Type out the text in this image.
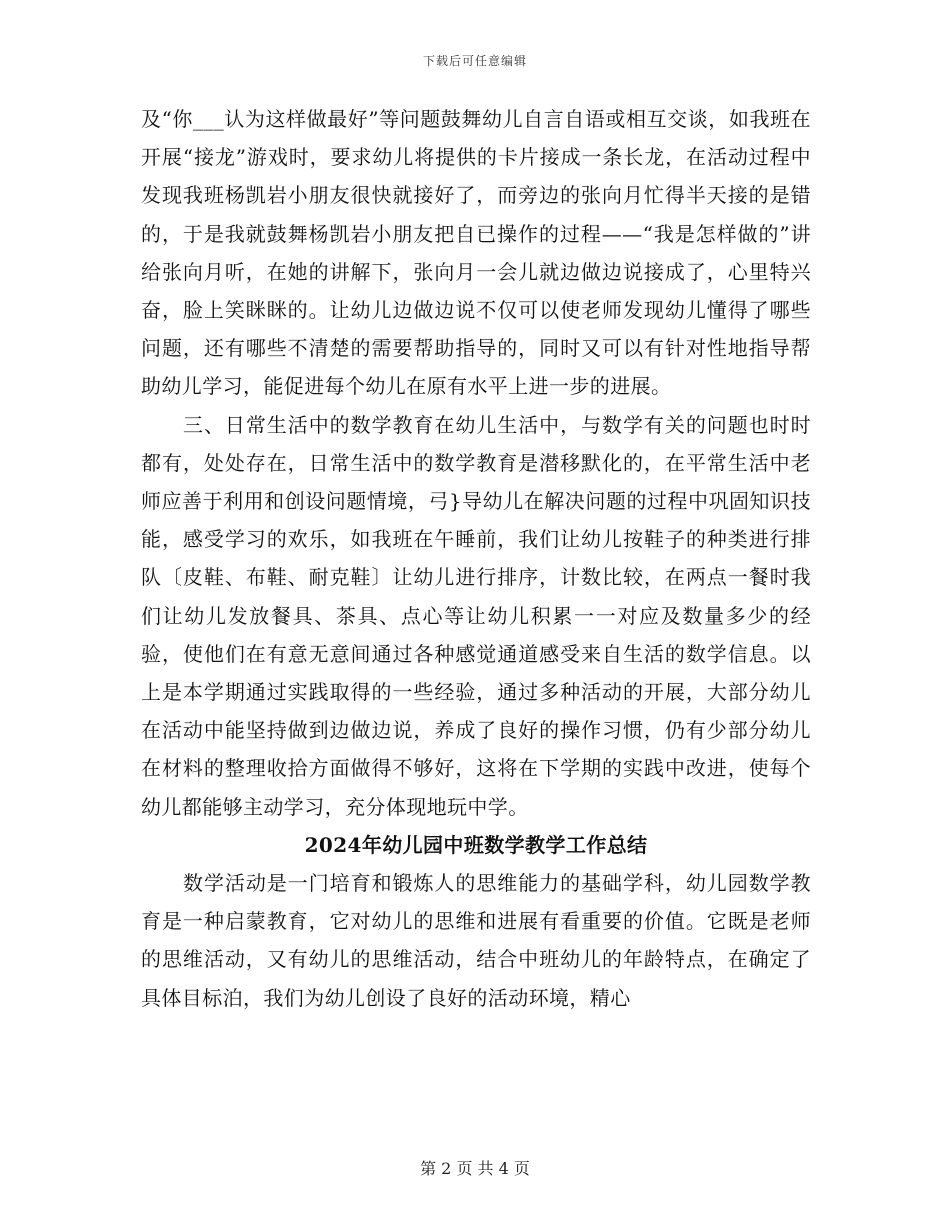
下载后可任意编辑

及“你___认为这样做最好”等问题鼓舞幼儿自言自语或相互交谈，如我班在开展“接龙”游戏时，要求幼儿将提供的卡片接成一条长龙，在活动过程中发现我班杨凯岩小朋友很快就接好了，而旁边的张向月忙得半天接的是错的，于是我就鼓舞杨凯岩小朋友把自已操作的过程——“我是怎样做的”讲给张向月听，在她的讲解下，张向月一会儿就边做边说接成了，心里特兴奋，脸上笑眯眯的。让幼儿边做边说不仅可以使老师发现幼儿懂得了哪些问题，还有哪些不清楚的需要帮助指导的，同时又可以有针对性地指导帮助幼儿学习，能促进每个幼儿在原有水平上进一步的进展。

三、日常生活中的数学教育在幼儿生活中，与数学有关的问题也时时都有，处处存在，日常生活中的数学教育是潜移默化的，在平常生活中老师应善于利用和创设问题情境，弓}导幼儿在解决问题的过程中巩固知识技能，感受学习的欢乐，如我班在午睡前，我们让幼儿按鞋子的种类进行排队〔皮鞋、布鞋、耐克鞋〕让幼儿进行排序，计数比较，在两点一餐时我们让幼儿发放餐具、茶具、点心等让幼儿积累一一对应及数量多少的经验，使他们在有意无意间通过各种感觉通道感受来自生活的数学信息。以上是本学期通过实践取得的一些经验，通过多种活动的开展，大部分幼儿在活动中能坚持做到边做边说，养成了良好的操作习惯，仍有少部分幼儿在材料的整理收拾方面做得不够好，这将在下学期的实践中改进，使每个幼儿都能够主动学习，充分体现地玩中学。

2024年幼儿园中班数学教学工作总结

数学活动是一门培育和锻炼人的思维能力的基础学科，幼儿园数学教育是一种启蒙教育，它对幼儿的思维和进展有看重要的价值。它既是老师的思维活动，又有幼儿的思维活动，结合中班幼儿的年龄特点，在确定了具体目标泊，我们为幼儿创设了良好的活动环境，精心

第 2 页 共 4 页
